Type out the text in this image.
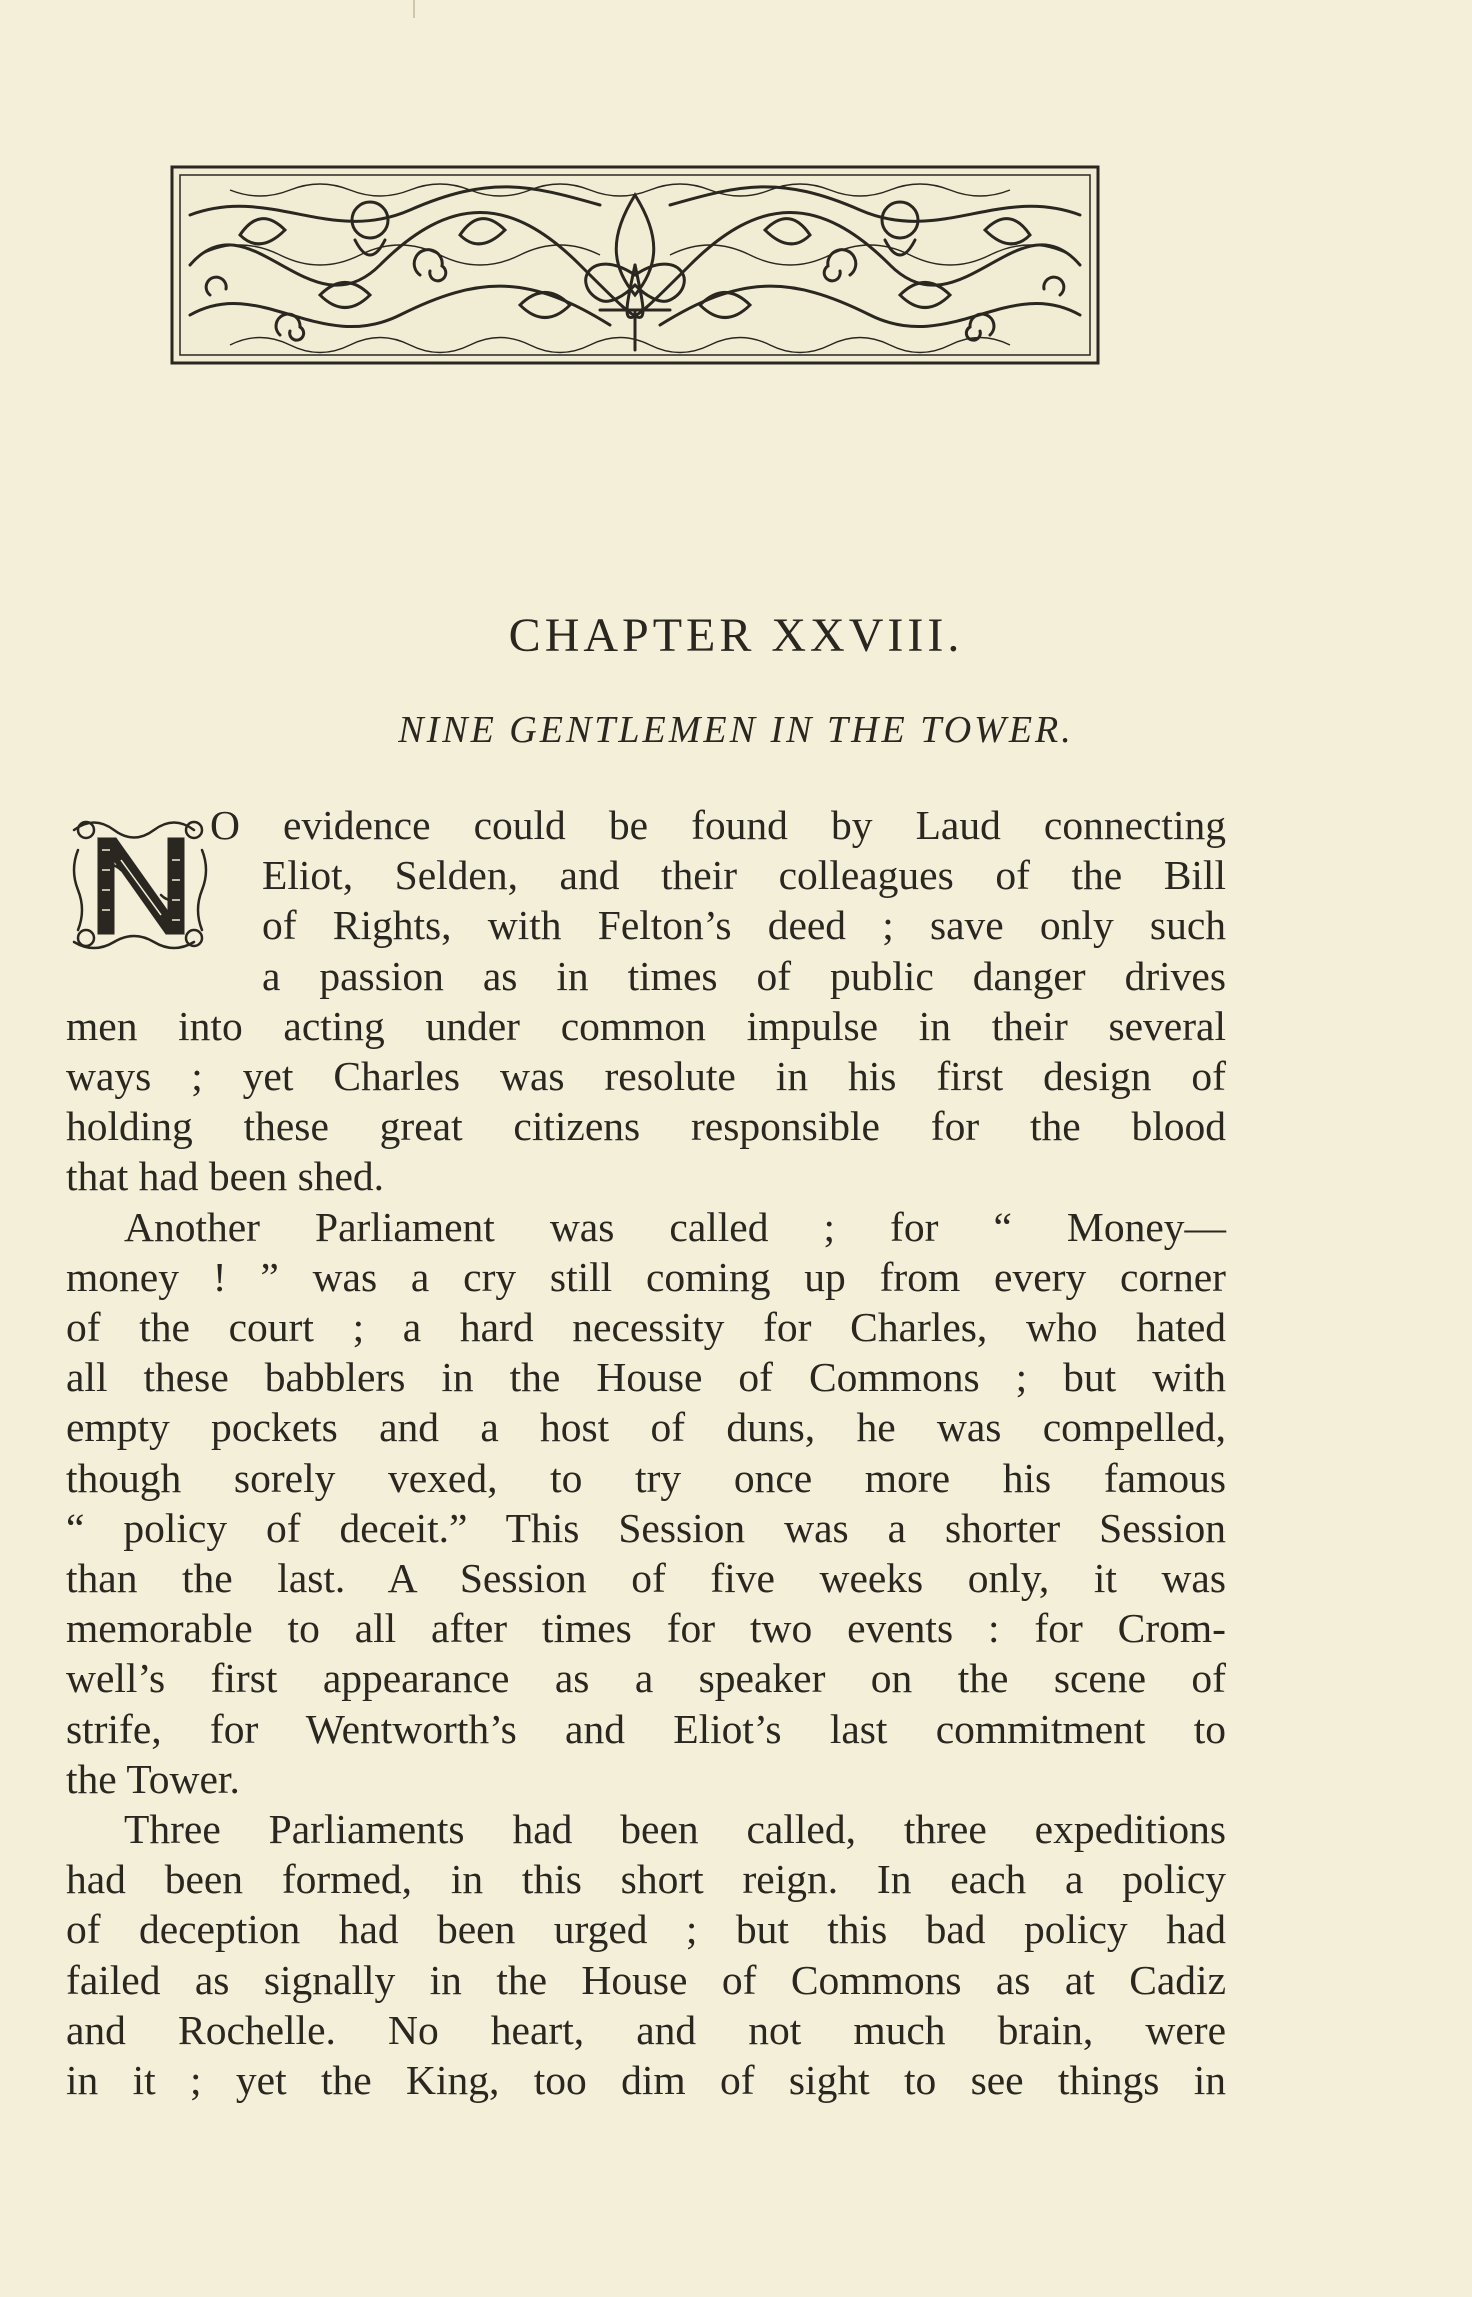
CHAPTER XXVIII.
NINE GENTLEMEN IN THE TOWER.
O evidence could be found by Laud connecting
Eliot, Selden, and their colleagues of the Bill
of Rights, with Felton’s deed ; save only such
a passion as in times of public danger drives
men into acting under common impulse in their several
ways ; yet Charles was resolute in his first design of
holding these great citizens responsible for the blood
that had been shed.
Another Parliament was called ; for “ Money—
money ! ” was a cry still coming up from every corner
of the court ; a hard necessity for Charles, who hated
all these babblers in the House of Commons ; but with
empty pockets and a host of duns, he was compelled,
though sorely vexed, to try once more his famous
“ policy of deceit.” This Session was a shorter Session
than the last. A Session of five weeks only, it was
memorable to all after times for two events : for Crom-
well’s first appearance as a speaker on the scene of
strife, for Wentworth’s and Eliot’s last commitment to
the Tower.
Three Parliaments had been called, three expeditions
had been formed, in this short reign. In each a policy
of deception had been urged ; but this bad policy had
failed as signally in the House of Commons as at Cadiz
and Rochelle. No heart, and not much brain, were
in it ; yet the King, too dim of sight to see things in
